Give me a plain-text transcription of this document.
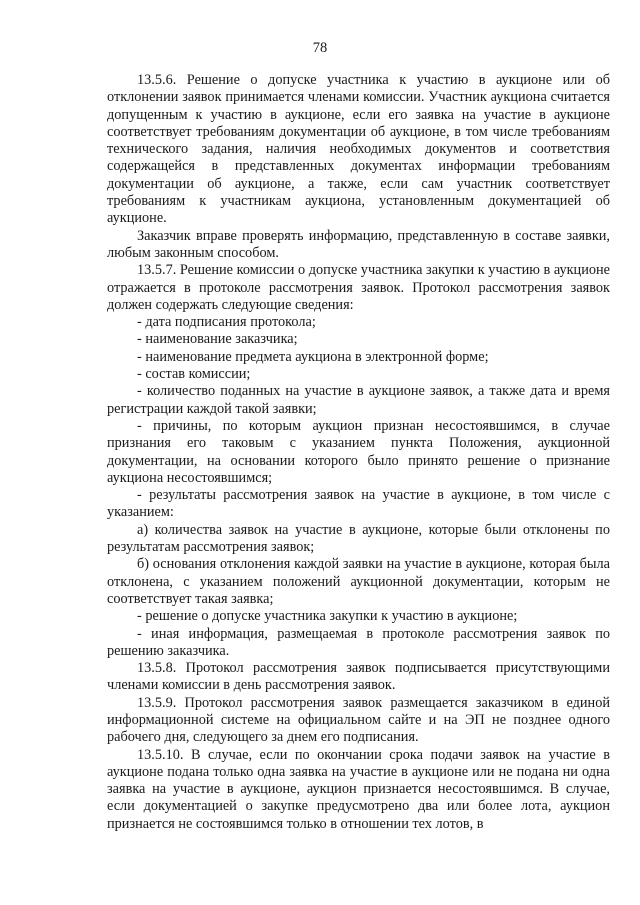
78

13.5.6. Решение о допуске участника к участию в аукционе или об отклонении заявок принимается членами комиссии. Участник аукциона считается допущенным к участию в аукционе, если его заявка на участие в аукционе соответствует требованиям документации об аукционе, в том числе требованиям технического задания, наличия необходимых документов и соответствия содержащейся в представленных документах информации требованиям документации об аукционе, а также, если сам участник соответствует требованиям к участникам аукциона, установленным документацией об аукционе.

Заказчик вправе проверять информацию, представленную в составе заявки, любым законным способом.

13.5.7. Решение комиссии о допуске участника закупки к участию в аукционе отражается в протоколе рассмотрения заявок. Протокол рассмотрения заявок должен содержать следующие сведения:

- дата подписания протокола;

- наименование заказчика;

- наименование предмета аукциона в электронной форме;

- состав комиссии;

- количество поданных на участие в аукционе заявок, а также дата и время регистрации каждой такой заявки;

- причины, по которым аукцион признан несостоявшимся, в случае признания его таковым с указанием пункта Положения, аукционной документации, на основании которого было принято решение о признание аукциона несостоявшимся;

- результаты рассмотрения заявок на участие в аукционе, в том числе с указанием:

а) количества заявок на участие в аукционе, которые были отклонены по результатам рассмотрения заявок;

б) основания отклонения каждой заявки на участие в аукционе, которая была отклонена, с указанием положений аукционной документации, которым не соответствует такая заявка;

- решение о допуске участника закупки к участию в аукционе;

- иная информация, размещаемая в протоколе рассмотрения заявок по решению заказчика.

13.5.8. Протокол рассмотрения заявок подписывается присутствующими членами комиссии в день рассмотрения заявок.

13.5.9. Протокол рассмотрения заявок размещается заказчиком в единой информационной системе на официальном сайте и на ЭП не позднее одного рабочего дня, следующего за днем его подписания.

13.5.10. В случае, если по окончании срока подачи заявок на участие в аукционе подана только одна заявка на участие в аукционе или не подана ни одна заявка на участие в аукционе, аукцион признается несостоявшимся. В случае, если документацией о закупке предусмотрено два или более лота, аукцион признается не состоявшимся только в отношении тех лотов, в
